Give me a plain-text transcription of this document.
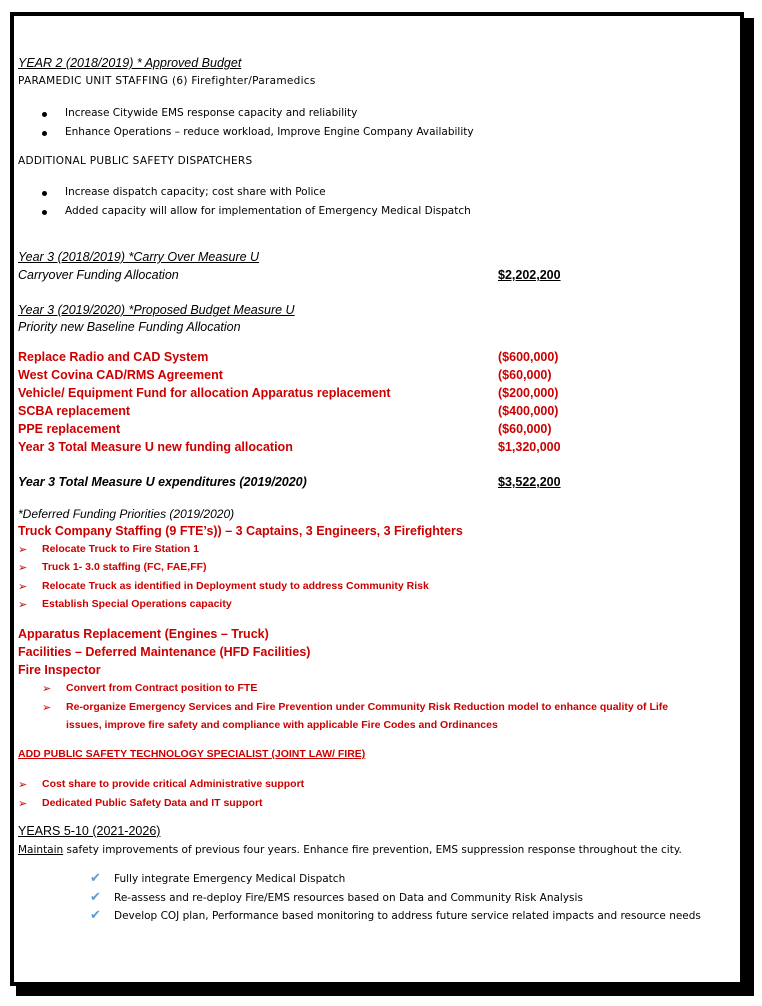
YEAR 2 (2018/2019) * Approved Budget
PARAMEDIC UNIT STAFFING (6) Firefighter/Paramedics
Increase Citywide EMS response capacity and reliability
Enhance Operations – reduce workload, Improve Engine Company Availability
ADDITIONAL PUBLIC SAFETY DISPATCHERS
Increase dispatch capacity; cost share with Police
Added capacity will allow for implementation of Emergency Medical Dispatch
Year 3 (2018/2019) *Carry Over Measure U
Carryover Funding Allocation	$2,202,200
Year 3 (2019/2020) *Proposed Budget Measure U
Priority new Baseline Funding Allocation
Replace Radio and CAD System	($600,000)
West Covina CAD/RMS Agreement	($60,000)
Vehicle/ Equipment Fund for allocation Apparatus replacement	($200,000)
SCBA replacement	($400,000)
PPE replacement	($60,000)
Year 3 Total Measure U new funding allocation	$1,320,000
Year 3 Total Measure U expenditures (2019/2020)	$3,522,200
*Deferred Funding Priorities (2019/2020)
Truck Company Staffing (9 FTE’s)) – 3 Captains, 3 Engineers, 3 Firefighters
➢ Relocate Truck to Fire Station 1
➢ Truck 1- 3.0 staffing (FC, FAE,FF)
➢ Relocate Truck as identified in Deployment study to address Community Risk
➢ Establish Special Operations capacity
Apparatus Replacement (Engines – Truck)
Facilities – Deferred Maintenance (HFD Facilities)
Fire Inspector
➢ Convert from Contract position to FTE
➢ Re-organize Emergency Services and Fire Prevention under Community Risk Reduction model to enhance quality of Life
issues, improve fire safety and compliance with applicable Fire Codes and Ordinances
ADD PUBLIC SAFETY TECHNOLOGY SPECIALIST (JOINT LAW/ FIRE)
➢ Cost share to provide critical Administrative support
➢ Dedicated Public Safety Data and IT support
YEARS 5-10 (2021-2026)
Maintain safety improvements of previous four years. Enhance fire prevention, EMS suppression response throughout the city.
✔ Fully integrate Emergency Medical Dispatch
✔ Re-assess and re-deploy Fire/EMS resources based on Data and Community Risk Analysis
✔ Develop COJ plan, Performance based monitoring to address future service related impacts and resource needs
